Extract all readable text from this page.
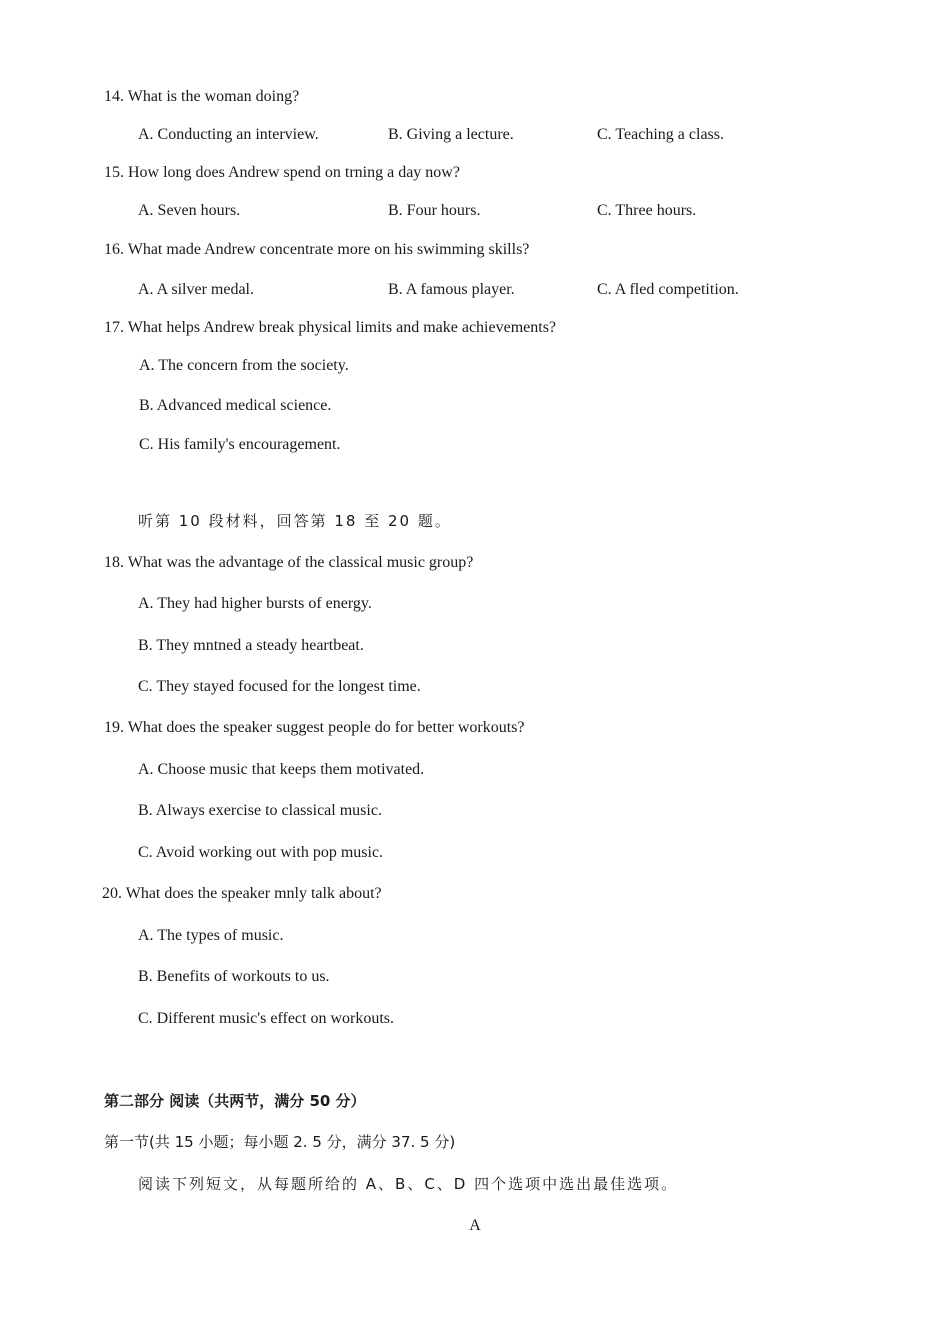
14. What is the woman doing?
A. Conducting an interview.	B. Giving a lecture.	C. Teaching a class.
15. How long does Andrew spend on trning a day now?
A. Seven hours.	B. Four hours.	C. Three hours.
16. What made Andrew concentrate more on his swimming skills?
A. A silver medal.	B. A famous player.	C. A fled competition.
17. What helps Andrew break physical limits and make achievements?
A. The concern from the society.
B. Advanced medical science.
C. His family's encouragement.
听第 10 段材料，回答第 18 至 20 题。
18. What was the advantage of the classical music group?
A. They had higher bursts of energy.
B. They mntned a steady heartbeat.
C. They stayed focused for the longest time.
19. What does the speaker suggest people do for better workouts?
A. Choose music that keeps them motivated.
B. Always exercise to classical music.
C. Avoid working out with pop music.
20. What does the speaker mnly talk about?
A. The types of music.
B. Benefits of workouts to us.
C. Different music's effect on workouts.
第二部分 阅读（共两节，满分 50 分）
第一节(共 15 小题；每小题 2. 5 分，满分 37. 5 分)
阅读下列短文，从每题所给的 A、B、C、D 四个选项中选出最佳选项。
A
